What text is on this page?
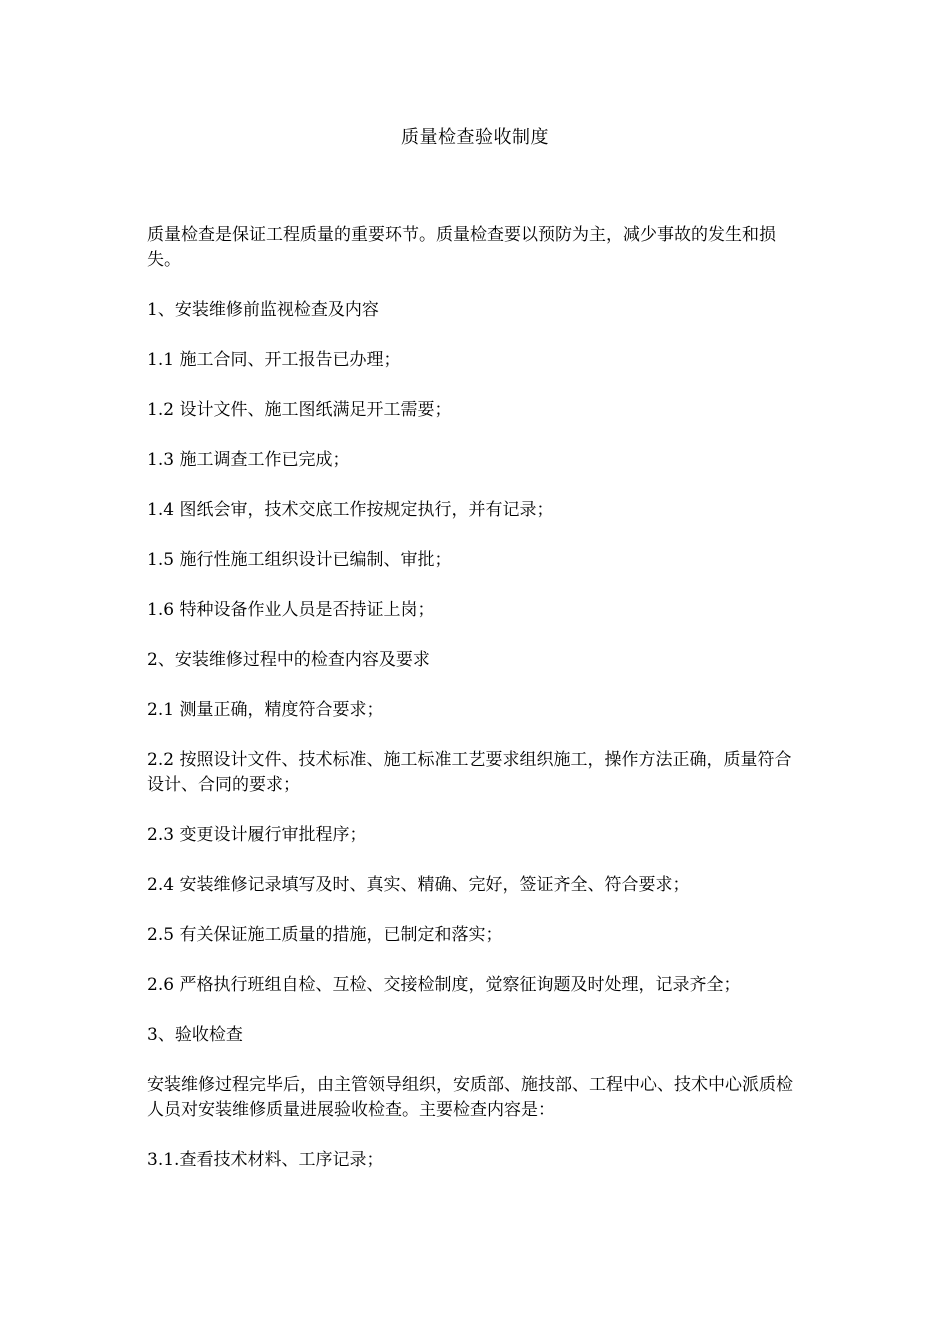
质量检查验收制度

质量检查是保证工程质量的重要环节。质量检查要以预防为主，减少事故的发生和损失。

1、安装维修前监视检查及内容

1.1 施工合同、开工报告已办理；

1.2 设计文件、施工图纸满足开工需要；

1.3 施工调查工作已完成；

1.4 图纸会审，技术交底工作按规定执行，并有记录；

1.5 施行性施工组织设计已编制、审批；

1.6 特种设备作业人员是否持证上岗；

2、安装维修过程中的检查内容及要求

2.1 测量正确，精度符合要求；

2.2 按照设计文件、技术标准、施工标准工艺要求组织施工，操作方法正确，质量符合设计、合同的要求；

2.3 变更设计履行审批程序；

2.4 安装维修记录填写及时、真实、精确、完好，签证齐全、符合要求；

2.5 有关保证施工质量的措施，已制定和落实；

2.6 严格执行班组自检、互检、交接检制度，觉察征询题及时处理，记录齐全；

3、验收检查

安装维修过程完毕后，由主管领导组织，安质部、施技部、工程中心、技术中心派质检人员对安装维修质量进展验收检查。主要检查内容是：

3.1.查看技术材料、工序记录；
